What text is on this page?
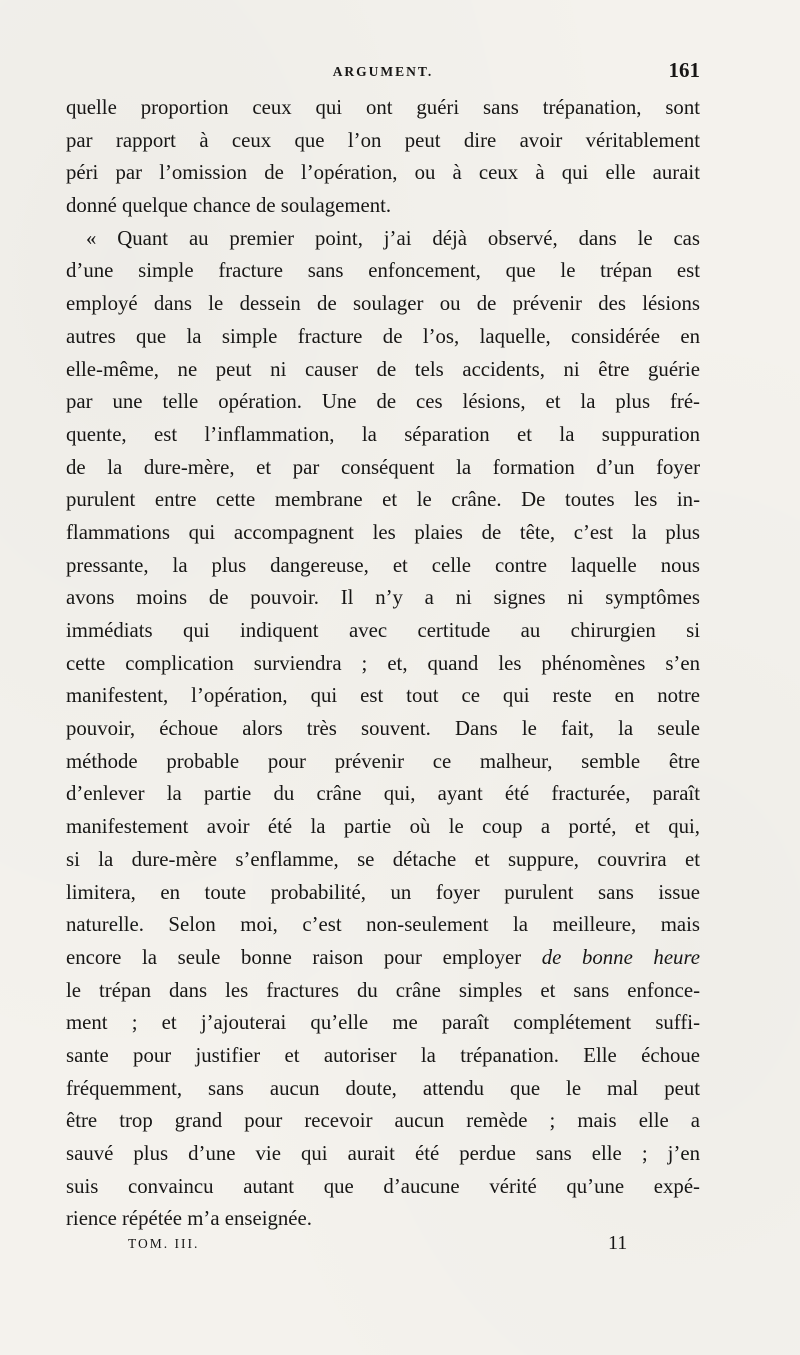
ARGUMENT.	161
quelle proportion ceux qui ont guéri sans trépanation, sont
par rapport à ceux que l’on peut dire avoir véritablement
péri par l’omission de l’opération, ou à ceux à qui elle aurait
donné quelque chance de soulagement.
« Quant au premier point, j’ai déjà observé, dans le cas
d’une simple fracture sans enfoncement, que le trépan est
employé dans le dessein de soulager ou de prévenir des lésions
autres que la simple fracture de l’os, laquelle, considérée en
elle-même, ne peut ni causer de tels accidents, ni être guérie
par une telle opération. Une de ces lésions, et la plus fré-
quente, est l’inflammation, la séparation et la suppuration
de la dure-mère, et par conséquent la formation d’un foyer
purulent entre cette membrane et le crâne. De toutes les in-
flammations qui accompagnent les plaies de tête, c’est la plus
pressante, la plus dangereuse, et celle contre laquelle nous
avons moins de pouvoir. Il n’y a ni signes ni symptômes
immédiats qui indiquent avec certitude au chirurgien si
cette complication surviendra ; et, quand les phénomènes s’en
manifestent, l’opération, qui est tout ce qui reste en notre
pouvoir, échoue alors très souvent. Dans le fait, la seule
méthode probable pour prévenir ce malheur, semble être
d’enlever la partie du crâne qui, ayant été fracturée, paraît
manifestement avoir été la partie où le coup a porté, et qui,
si la dure-mère s’enflamme, se détache et suppure, couvrira et
limitera, en toute probabilité, un foyer purulent sans issue
naturelle. Selon moi, c’est non-seulement la meilleure, mais
encore la seule bonne raison pour employer de bonne heure
le trépan dans les fractures du crâne simples et sans enfonce-
ment ; et j’ajouterai qu’elle me paraît complétement suffi-
sante pour justifier et autoriser la trépanation. Elle échoue
fréquemment, sans aucun doute, attendu que le mal peut
être trop grand pour recevoir aucun remède ; mais elle a
sauvé plus d’une vie qui aurait été perdue sans elle ; j’en
suis convaincu autant que d’aucune vérité qu’une expé-
rience répétée m’a enseignée.
TOM. III.	11
